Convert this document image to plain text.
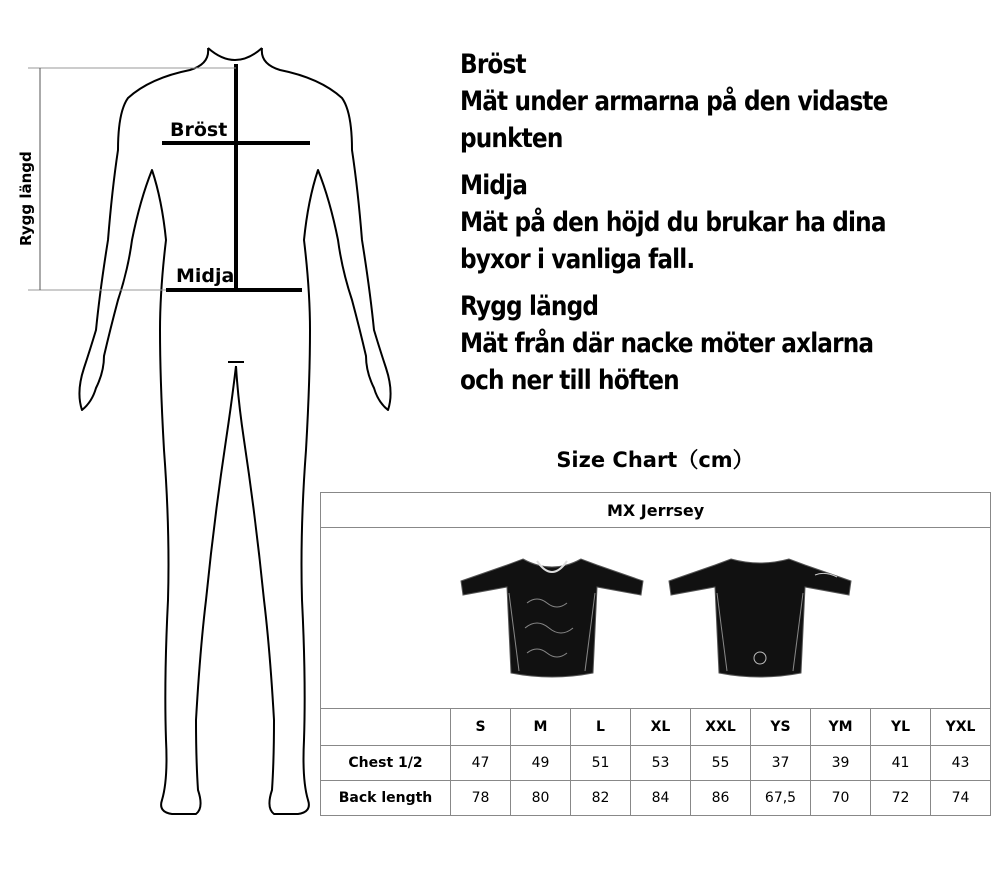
Bröst
Midja
Rygg längd
Bröst
Mät under armarna på den vidaste
punkten
Midja
Mät på den höjd du brukar ha dina
byxor i vanliga fall.
Rygg längd
Mät från där nacke möter axlarna
och ner till höften
Size Chart（cm）
MX Jerrsey									

	S	M	L	XL	XXL	YS	YM	YL	YXL
Chest 1/2	47	49	51	53	55	37	39	41	43
Back length	78	80	82	84	86	67,5	70	72	74
